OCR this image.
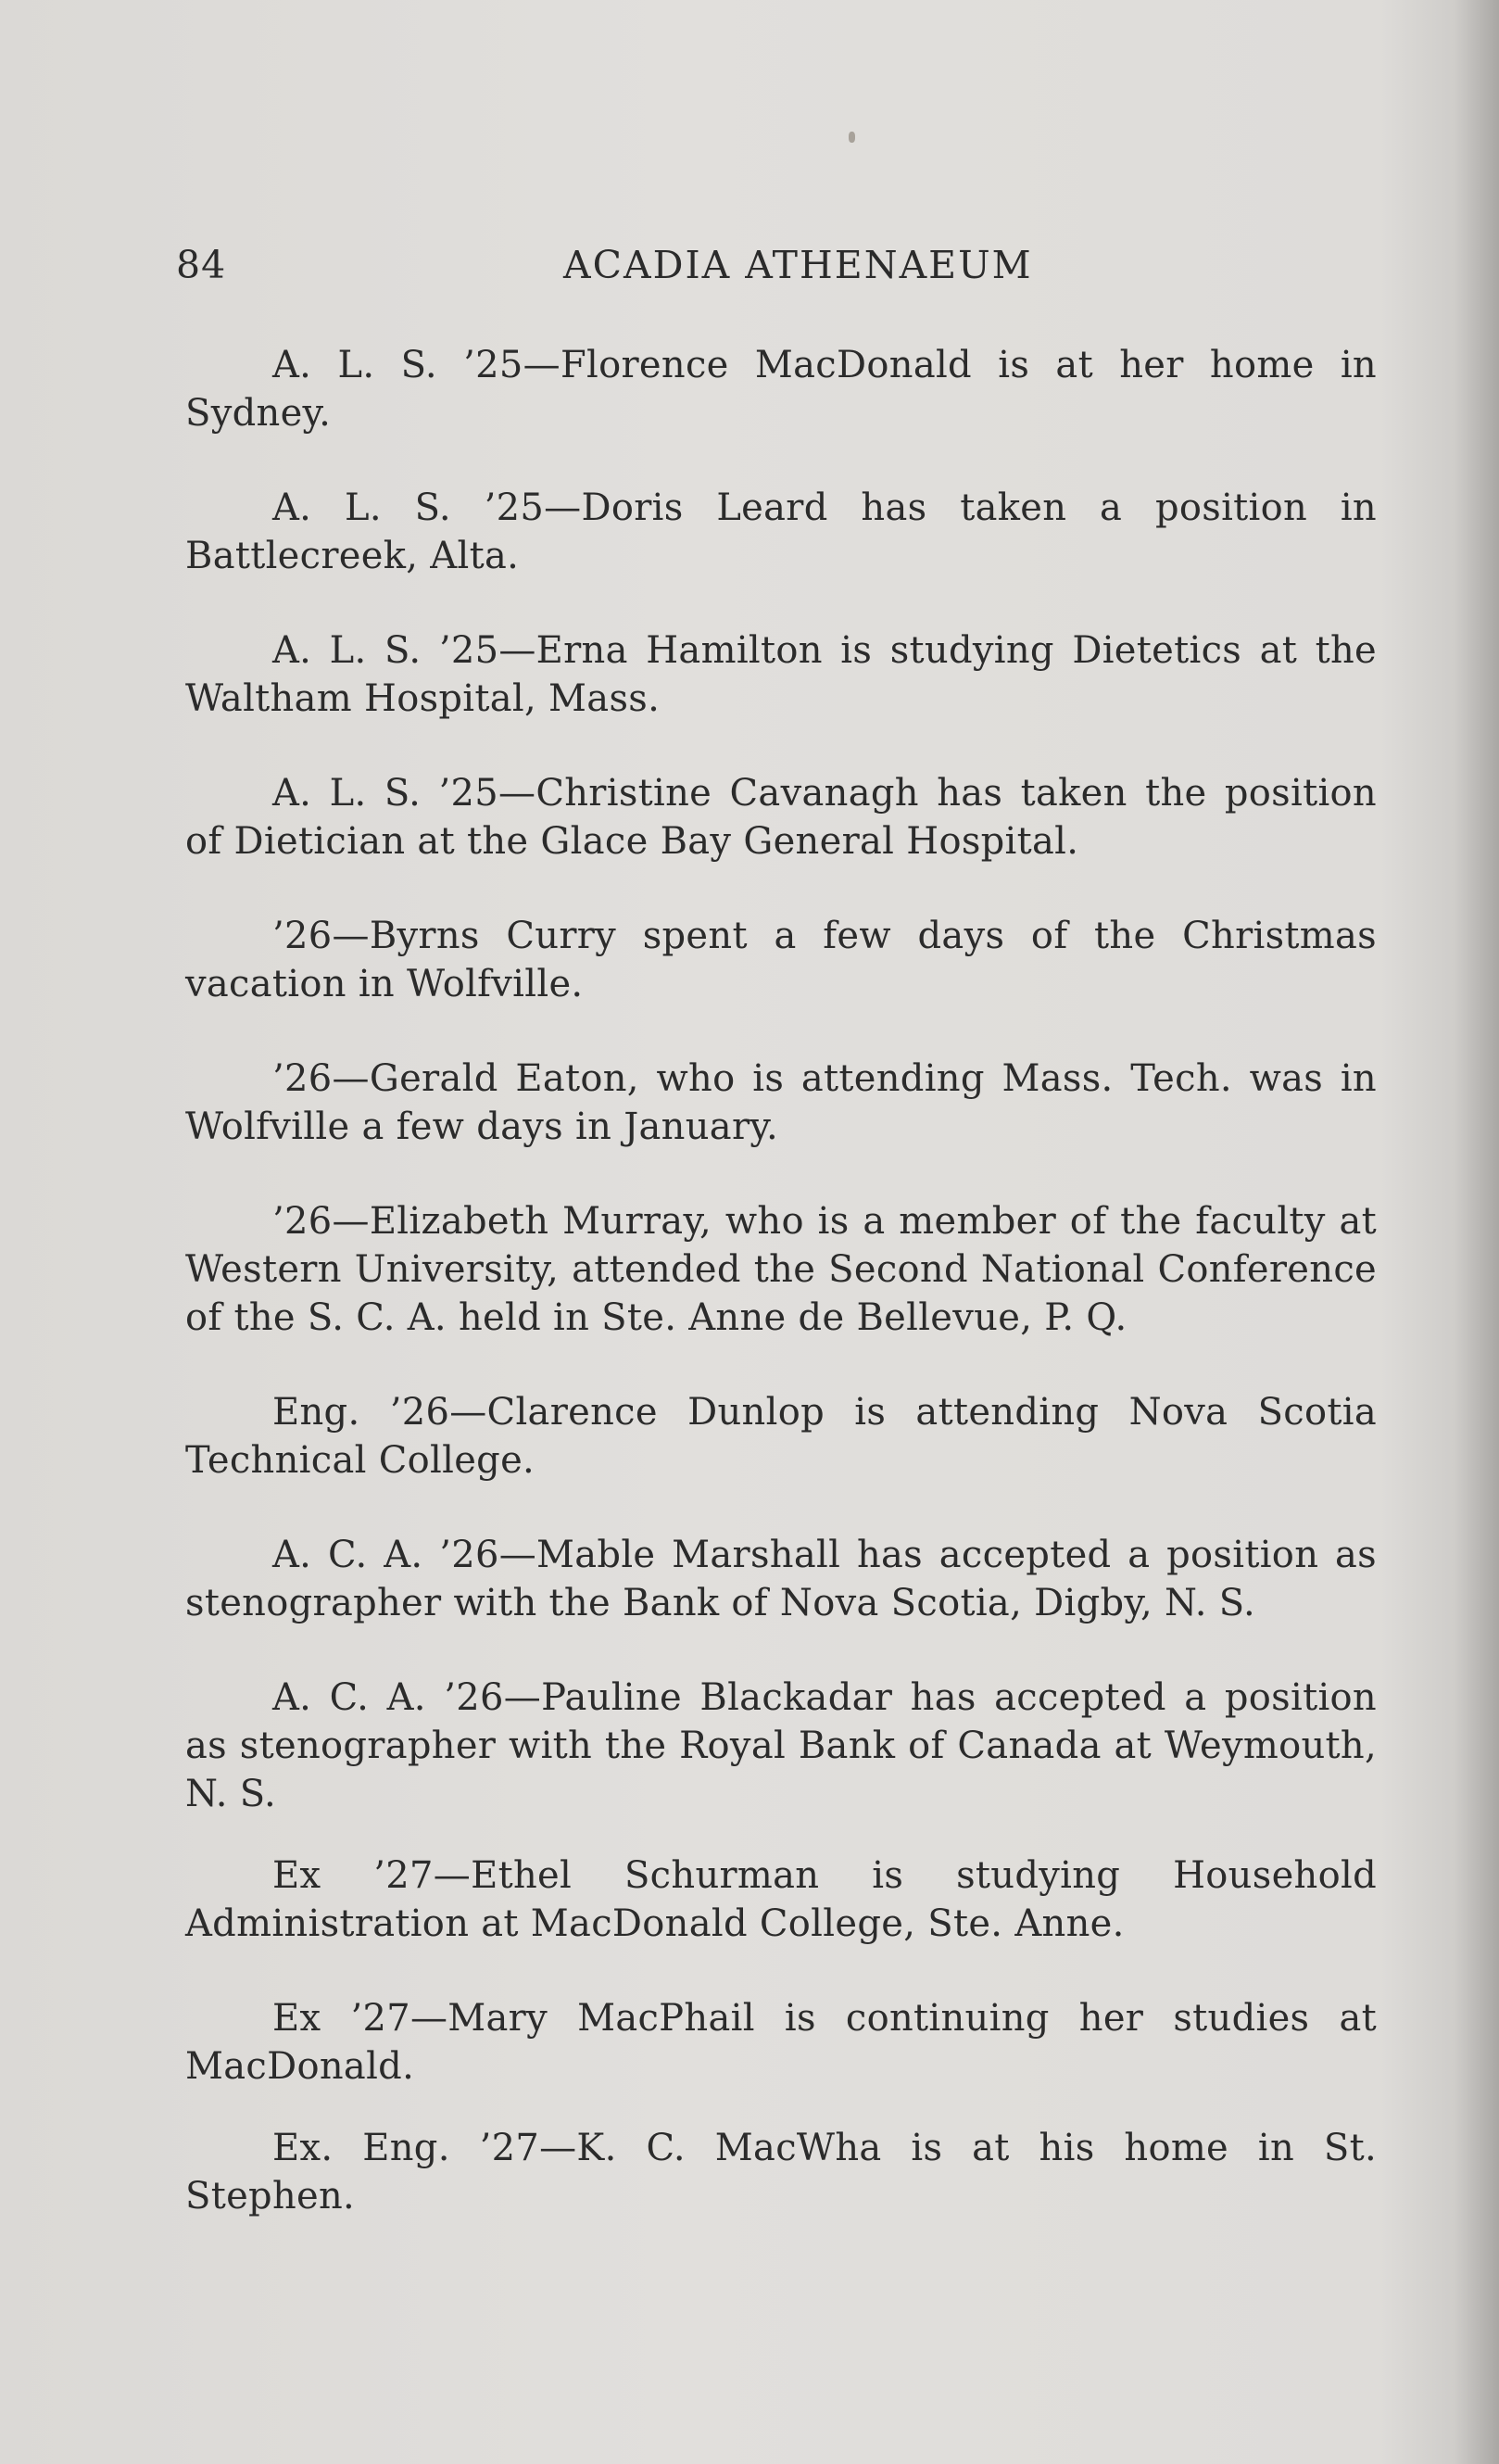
84	ACADIA ATHENAEUM

A. L. S. ’25—Florence MacDonald is at her home in Sydney.

A. L. S. ’25—Doris Leard has taken a position in Battlecreek, Alta.

A. L. S. ’25—Erna Hamilton is studying Dietetics at the Waltham Hospital, Mass.

A. L. S. ’25—Christine Cavanagh has taken the position of Dietician at the Glace Bay General Hospital.

’26—Byrns Curry spent a few days of the Christmas vacation in Wolfville.

’26—Gerald Eaton, who is attending Mass. Tech. was in Wolfville a few days in January.

’26—Elizabeth Murray, who is a member of the faculty at Western University, attended the Second National Conference of the S. C. A. held in Ste. Anne de Bellevue, P. Q.

Eng. ’26—Clarence Dunlop is attending Nova Scotia Technical College.

A. C. A. ’26—Mable Marshall has accepted a position as stenographer with the Bank of Nova Scotia, Digby, N. S.

A. C. A. ’26—Pauline Blackadar has accepted a position as stenographer with the Royal Bank of Canada at Weymouth, N. S.

Ex ’27—Ethel Schurman is studying Household Administration at MacDonald College, Ste. Anne.

Ex ’27—Mary MacPhail is continuing her studies at MacDonald.

Ex. Eng. ’27—K. C. MacWha is at his home in St. Stephen.
